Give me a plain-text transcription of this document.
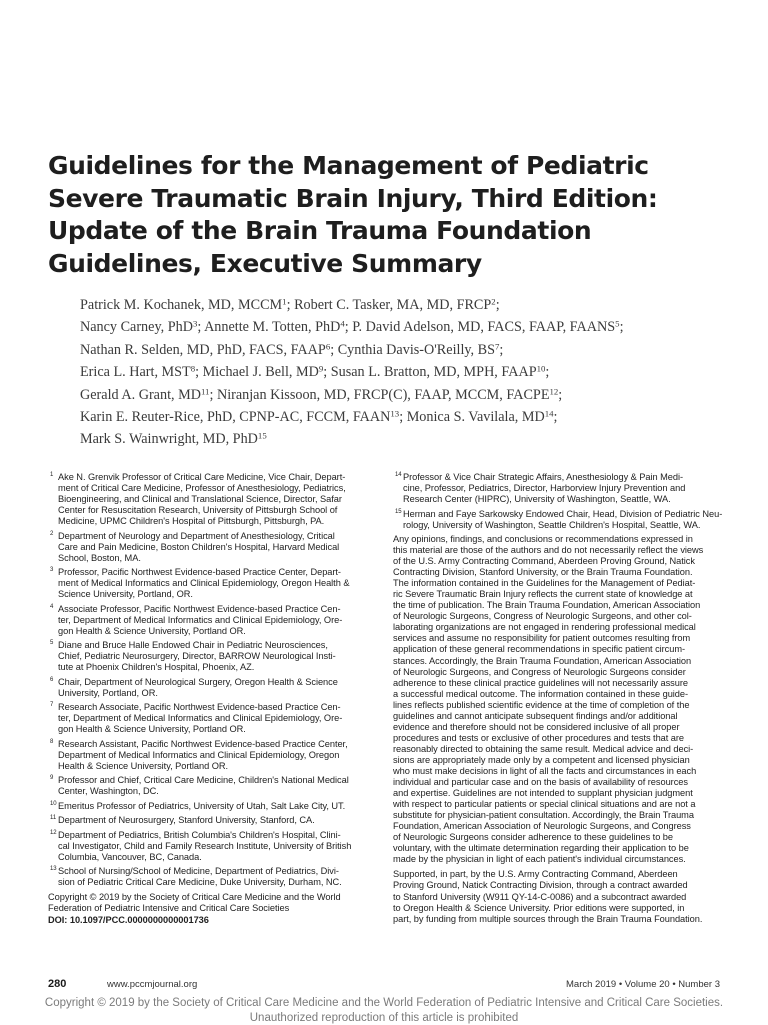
Guidelines for the Management of Pediatric
Severe Traumatic Brain Injury, Third Edition:
Update of the Brain Trauma Foundation
Guidelines, Executive Summary
Patrick M. Kochanek, MD, MCCM$^1$; Robert C. Tasker, MA, MD, FRCP$^2$;
Nancy Carney, PhD$^3$; Annette M. Totten, PhD$^4$; P. David Adelson, MD, FACS, FAAP, FAANS$^5$;
Nathan R. Selden, MD, PhD, FACS, FAAP$^6$; Cynthia Davis-O'Reilly, $BS^7$;
Erica L. Hart, MST$^8$; Michael J. Bell, $MD^9$; Susan L. Bratton, MD, MPH, FAAP$^{10}$;
Gerald A. Grant, MD$^{11}$; Niranjan Kissoon, MD, FRCP(C), FAAP, MCCM, FACPE$^{12}$;
Karin E. Reuter-Rice, PhD, CPNP-AC, FCCM, FAAN$^{13}$; Monica S. Vavilala, MD$^{14}$;
Mark S. Wainwright, MD, PhD$^{15}$
1 Ake N. Grenvik Professor of Critical Care Medicine, Vice Chair, Depart-
ment of Critical Care Medicine, Professor of Anesthesiology, Pediatrics,
Bioengineering, and Clinical and Translational Science, Director, Safar
Center for Resuscitation Research, University of Pittsburgh School of
Medicine, UPMC Children's Hospital of Pittsburgh, Pittsburgh, PA.
2 Department of Neurology and Department of Anesthesiology, Critical
Care and Pain Medicine, Boston Children's Hospital, Harvard Medical
School, Boston, MA.
3 Professor, Pacific Northwest Evidence-based Practice Center, Depart-
ment of Medical Informatics and Clinical Epidemiology, Oregon Health &
Science University, Portland, OR.
4 Associate Professor, Pacific Northwest Evidence-based Practice Cen-
ter, Department of Medical Informatics and Clinical Epidemiology, Ore-
gon Health & Science University, Portland OR.
5 Diane and Bruce Halle Endowed Chair in Pediatric Neurosciences,
Chief, Pediatric Neurosurgery, Director, BARROW Neurological Insti-
tute at Phoenix Children's Hospital, Phoenix, AZ.
6 Chair, Department of Neurological Surgery, Oregon Health & Science
University, Portland, OR.
7 Research Associate, Pacific Northwest Evidence-based Practice Cen-
ter, Department of Medical Informatics and Clinical Epidemiology, Ore-
gon Health & Science University, Portland OR.
8 Research Assistant, Pacific Northwest Evidence-based Practice Center,
Department of Medical Informatics and Clinical Epidemiology, Oregon
Health & Science University, Portland OR.
9 Professor and Chief, Critical Care Medicine, Children's National Medical
Center, Washington, DC.
10 Emeritus Professor of Pediatrics, University of Utah, Salt Lake City, UT.
11 Department of Neurosurgery, Stanford University, Stanford, CA.
12 Department of Pediatrics, British Columbia's Children's Hospital, Clini-
cal Investigator, Child and Family Research Institute, University of British
Columbia, Vancouver, BC, Canada.
13 School of Nursing/School of Medicine, Department of Pediatrics, Divi-
sion of Pediatric Critical Care Medicine, Duke University, Durham, NC.
Copyright © 2019 by the Society of Critical Care Medicine and the World
Federation of Pediatric Intensive and Critical Care Societies
DOI: 10.1097/PCC.0000000000001736
14 Professor & Vice Chair Strategic Affairs, Anesthesiology & Pain Medi-
cine, Professor, Pediatrics, Director, Harborview Injury Prevention and
Research Center (HIPRC), University of Washington, Seattle, WA.
15 Herman and Faye Sarkowsky Endowed Chair, Head, Division of Pediatric Neu-
rology, University of Washington, Seattle Children's Hospital, Seattle, WA.
Any opinions, findings, and conclusions or recommendations expressed in
this material are those of the authors and do not necessarily reflect the views
of the U.S. Army Contracting Command, Aberdeen Proving Ground, Natick
Contracting Division, Stanford University, or the Brain Trauma Foundation.
The information contained in the Guidelines for the Management of Pediat-
ric Severe Traumatic Brain Injury reflects the current state of knowledge at
the time of publication. The Brain Trauma Foundation, American Association
of Neurologic Surgeons, Congress of Neurologic Surgeons, and other col-
laborating organizations are not engaged in rendering professional medical
services and assume no responsibility for patient outcomes resulting from
application of these general recommendations in specific patient circum-
stances. Accordingly, the Brain Trauma Foundation, American Association
of Neurologic Surgeons, and Congress of Neurologic Surgeons consider
adherence to these clinical practice guidelines will not necessarily assure
a successful medical outcome. The information contained in these guide-
lines reflects published scientific evidence at the time of completion of the
guidelines and cannot anticipate subsequent findings and/or additional
evidence and therefore should not be considered inclusive of all proper
procedures and tests or exclusive of other procedures and tests that are
reasonably directed to obtaining the same result. Medical advice and deci-
sions are appropriately made only by a competent and licensed physician
who must make decisions in light of all the facts and circumstances in each
individual and particular case and on the basis of availability of resources
and expertise. Guidelines are not intended to supplant physician judgment
with respect to particular patients or special clinical situations and are not a
substitute for physician-patient consultation. Accordingly, the Brain Trauma
Foundation, American Association of Neurologic Surgeons, and Congress
of Neurologic Surgeons consider adherence to these guidelines to be
voluntary, with the ultimate determination regarding their application to be
made by the physician in light of each patient's individual circumstances.
Supported, in part, by the U.S. Army Contracting Command, Aberdeen
Proving Ground, Natick Contracting Division, through a contract awarded
to Stanford University (W911 QY-14-C-0086) and a subcontract awarded
to Oregon Health & Science University. Prior editions were supported, in
part, by funding from multiple sources through the Brain Trauma Foundation.
280	www.pccmjournal.org	March 2019 • Volume 20 • Number 3
Copyright © 2019 by the Society of Critical Care Medicine and the World Federation of Pediatric Intensive and Critical Care Societies.
Unauthorized reproduction of this article is prohibited
